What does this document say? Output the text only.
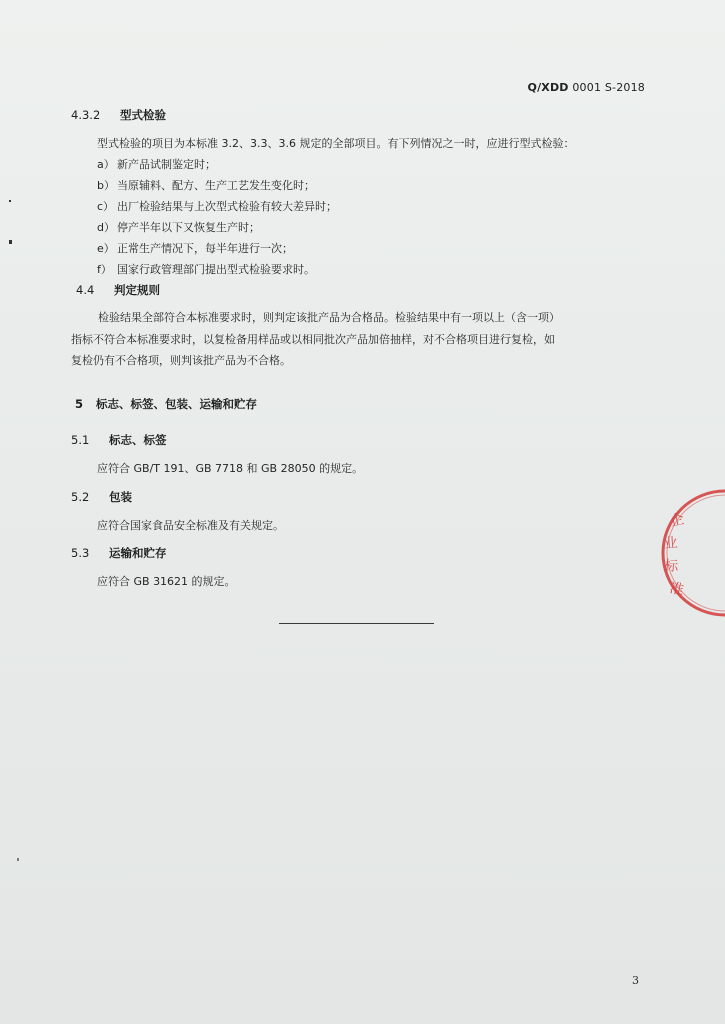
Q/XDD 0001 S-2018
4.3.2 型式检验
型式检验的项目为本标准 3.2、3.3、3.6 规定的全部项目。有下列情况之一时，应进行型式检验：
a） 新产品试制鉴定时；
b） 当原辅料、配方、生产工艺发生变化时；
c） 出厂检验结果与上次型式检验有较大差异时；
d） 停产半年以下又恢复生产时；
e） 正常生产情况下，每半年进行一次；
f） 国家行政管理部门提出型式检验要求时。
4.4 判定规则
检验结果全部符合本标准要求时，则判定该批产品为合格品。检验结果中有一项以上（含一项）
指标不符合本标准要求时，以复检备用样品或以相同批次产品加倍抽样，对不合格项目进行复检，如
复检仍有不合格项，则判该批产品为不合格。
5 标志、标签、包装、运输和贮存
5.1 标志、标签
应符合 GB/T 191、GB 7718 和 GB 28050 的规定。
5.2 包装
应符合国家食品安全标准及有关规定。
5.3 运输和贮存
应符合 GB 31621 的规定。
企
业
标
准
3
